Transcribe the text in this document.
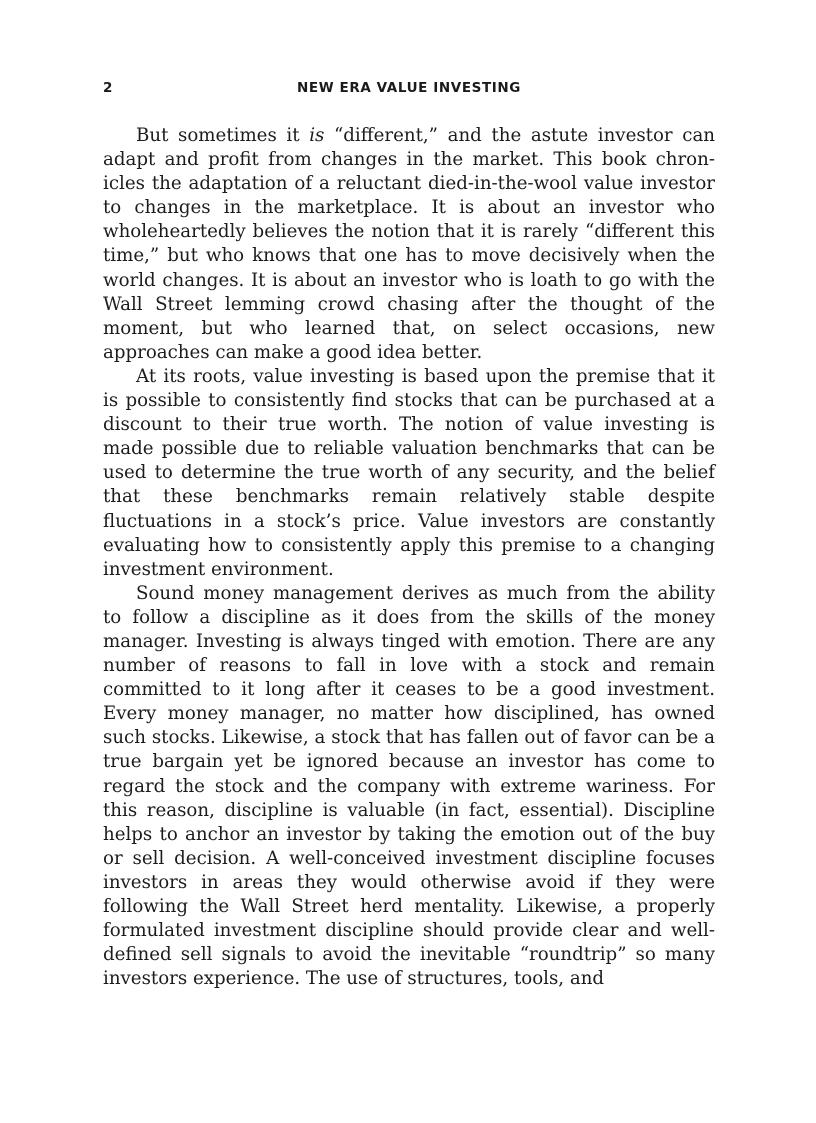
2	NEW ERA VALUE INVESTING

But sometimes it is “different,” and the astute investor can adapt and profit from changes in the market. This book chronicles the adaptation of a reluctant died-in-the-wool value investor to changes in the marketplace. It is about an investor who wholeheartedly believes the notion that it is rarely “different this time,” but who knows that one has to move decisively when the world changes. It is about an investor who is loath to go with the Wall Street lemming crowd chasing after the thought of the moment, but who learned that, on select occasions, new approaches can make a good idea better.

At its roots, value investing is based upon the premise that it is possible to consistently find stocks that can be purchased at a discount to their true worth. The notion of value investing is made possible due to reliable valuation benchmarks that can be used to determine the true worth of any security, and the belief that these benchmarks remain relatively stable despite fluctuations in a stock’s price. Value investors are constantly evaluating how to consistently apply this premise to a changing investment environment.

Sound money management derives as much from the ability to follow a discipline as it does from the skills of the money manager. Investing is always tinged with emotion. There are any number of reasons to fall in love with a stock and remain committed to it long after it ceases to be a good investment. Every money manager, no matter how disciplined, has owned such stocks. Likewise, a stock that has fallen out of favor can be a true bargain yet be ignored because an investor has come to regard the stock and the company with extreme wariness. For this reason, discipline is valuable (in fact, essential). Discipline helps to anchor an investor by taking the emotion out of the buy or sell decision. A well-conceived investment discipline focuses investors in areas they would otherwise avoid if they were following the Wall Street herd mentality. Likewise, a properly formulated investment discipline should provide clear and well-defined sell signals to avoid the inevitable “roundtrip” so many investors experience. The use of structures, tools, and
